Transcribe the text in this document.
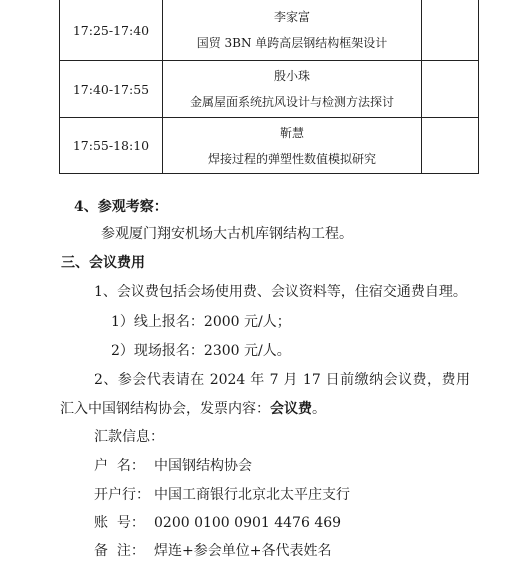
17:25-17:40	李家富
国贸 3BN 单跨高层钢结构框架设计	

17:40-17:55	殷小珠
金属屋面系统抗风设计与检测方法探讨	

17:55-18:10	靳慧
焊接过程的弹塑性数值模拟研究	

4、参观考察：
参观厦门翔安机场大古机库钢结构工程。
三、会议费用
1、会议费包括会场使用费、会议资料等，住宿交通费自理。
1）线上报名：2000 元/人；
2）现场报名：2300 元/人。
2、参会代表请在 2024 年 7 月 17 日前缴纳会议费，费用
汇入中国钢结构协会，发票内容：会议费。
汇款信息：
户  名： 中国钢结构协会
开户行： 中国工商银行北京北太平庄支行
账  号： 0200 0100 0901 4476 469
备  注： 焊连+参会单位+各代表姓名
